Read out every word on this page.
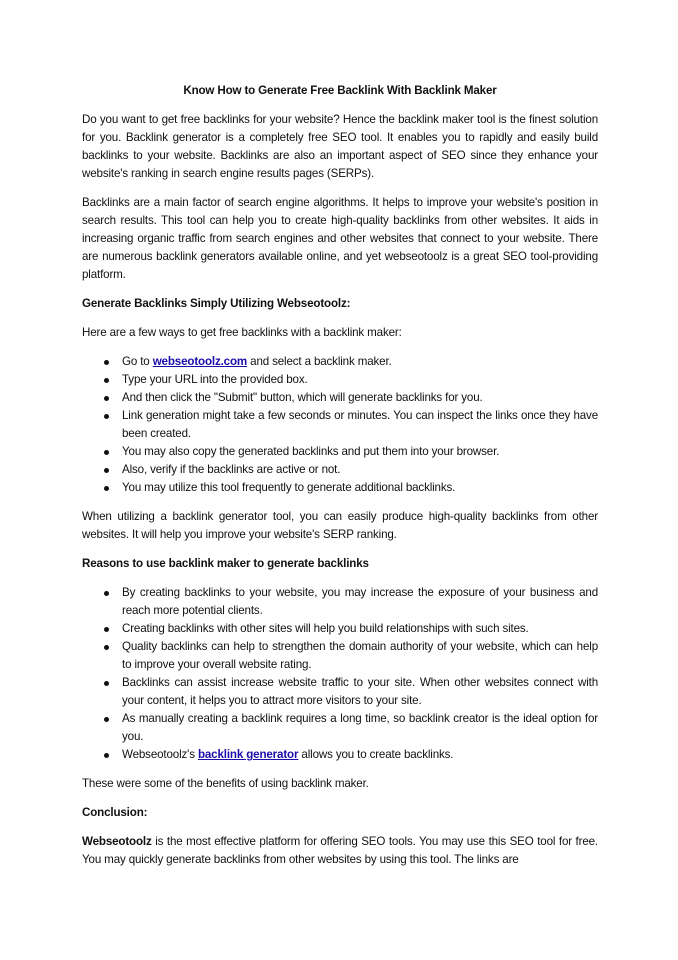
Know How to Generate Free Backlink With Backlink Maker

Do you want to get free backlinks for your website? Hence the backlink maker tool is the finest solution for you. Backlink generator is a completely free SEO tool. It enables you to rapidly and easily build backlinks to your website. Backlinks are also an important aspect of SEO since they enhance your website's ranking in search engine results pages (SERPs).

Backlinks are a main factor of search engine algorithms. It helps to improve your website's position in search results. This tool can help you to create high-quality backlinks from other websites. It aids in increasing organic traffic from search engines and other websites that connect to your website. There are numerous backlink generators available online, and yet webseotoolz is a great SEO tool-providing platform.

Generate Backlinks Simply Utilizing Webseotoolz:

Here are a few ways to get free backlinks with a backlink maker:

Go to webseotoolz.com and select a backlink maker.
Type your URL into the provided box.
And then click the "Submit" button, which will generate backlinks for you.
Link generation might take a few seconds or minutes. You can inspect the links once they have been created.
You may also copy the generated backlinks and put them into your browser.
Also, verify if the backlinks are active or not.
You may utilize this tool frequently to generate additional backlinks.

When utilizing a backlink generator tool, you can easily produce high-quality backlinks from other websites. It will help you improve your website's SERP ranking.

Reasons to use backlink maker to generate backlinks
By creating backlinks to your website, you may increase the exposure of your business and reach more potential clients.
Creating backlinks with other sites will help you build relationships with such sites.
Quality backlinks can help to strengthen the domain authority of your website, which can help to improve your overall website rating.
Backlinks can assist increase website traffic to your site. When other websites connect with your content, it helps you to attract more visitors to your site.
As manually creating a backlink requires a long time, so backlink creator is the ideal option for you.
Webseotoolz's backlink generator allows you to create backlinks.

These were some of the benefits of using backlink maker.

Conclusion:

Webseotoolz is the most effective platform for offering SEO tools. You may use this SEO tool for free. You may quickly generate backlinks from other websites by using this tool. The links are
